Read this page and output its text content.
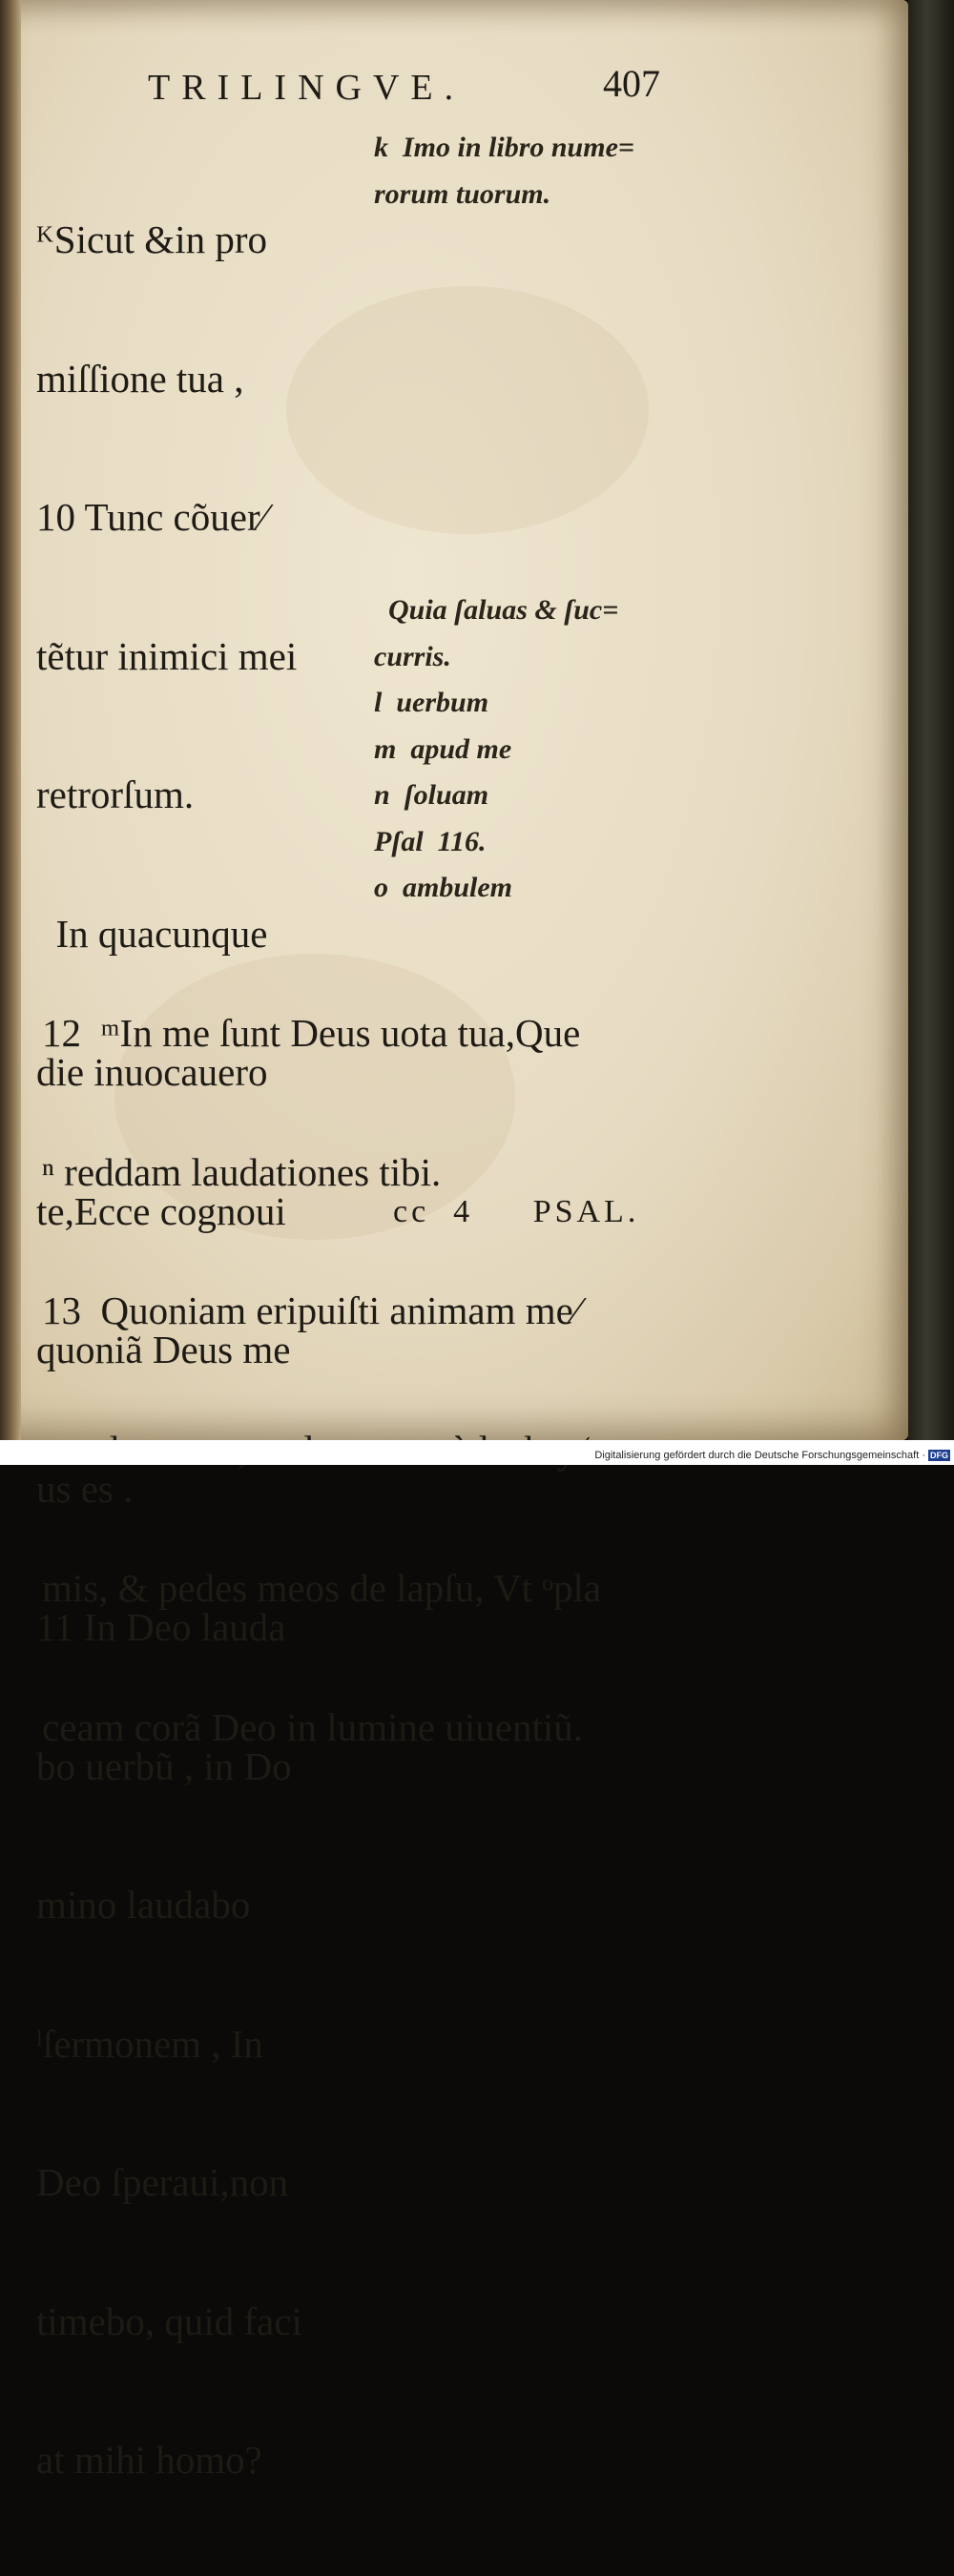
TRILINGVE.	407

ᴷSicut &in pro

miſſione tua ,

10 Tunc cõuer⁄

tẽtur inimici mei

retrorſum.

In quacunque

die inuocauero

te,Ecce cognoui

quoniã Deus me

us es .

11 In Deo lauda

bo uerbũ , in Do

mino laudabo

ˡſermonem , In

Deo ſperaui,non

timebo, quid faci

at mihi homo?

k  Imo in libro nume=
rorum tuorum.
Quia ſaluas & ſuc=
curris.
l  uerbum
m  apud me
n  ſoluam
Pſal  116.
o  ambulem

12  ᵐIn me ſunt Deus uota tua,Que

ⁿ reddam laudationes tibi.

13  Quoniam eripuiſti animam me⁄

mis, & pedes meos de lapſu, Vt ᵒpla

ceam corã Deo in lumine uiuentiũ.

cc  4 PSAL.
Digitalisierung gefördert durch die Deutsche Forschungsgemeinschaft · DFG
